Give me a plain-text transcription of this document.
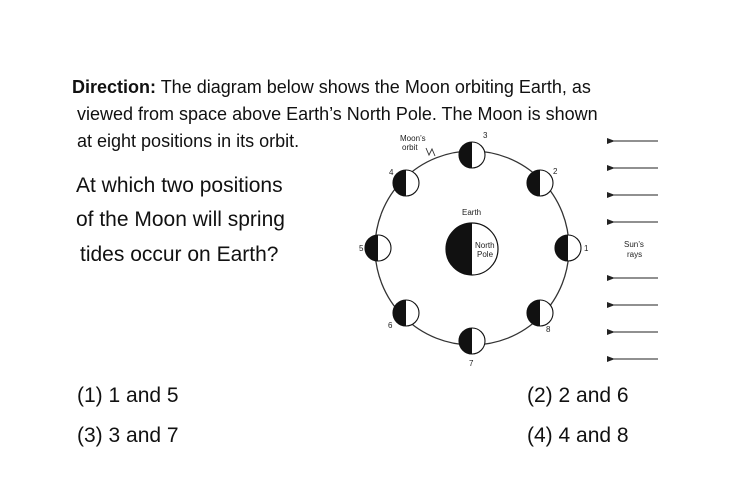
Direction: The diagram below shows the Moon orbiting Earth, as
viewed from space above Earth’s North Pole. The Moon is shown
at eight positions in its orbit.
At which two positions
of the Moon will spring
tides occur on Earth?
Moon’s
orbit
Earth
North
Pole
1
2
3
4
5
6
7
8
Sun’s
rays
(1) 1 and 5	(2) 2 and 6
(3) 3 and 7	(4) 4 and 8
